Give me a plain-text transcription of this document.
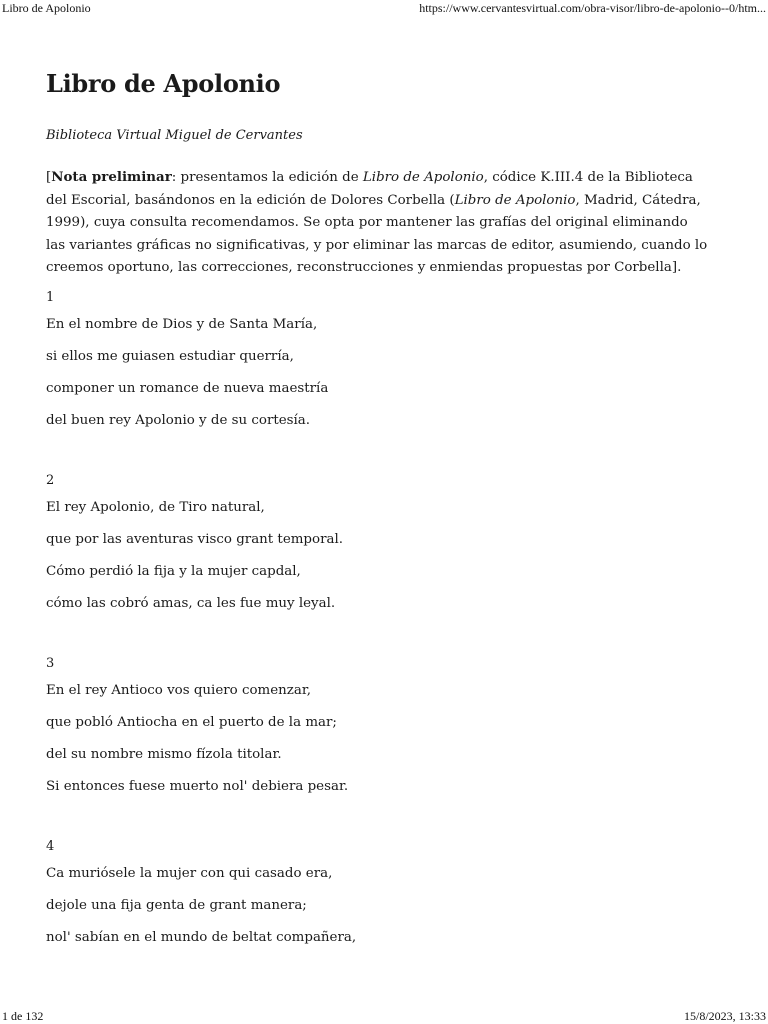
Libro de Apolonio	https://www.cervantesvirtual.com/obra-visor/libro-de-apolonio--0/htm...
Libro de Apolonio
Biblioteca Virtual Miguel de Cervantes
[Nota preliminar: presentamos la edición de Libro de Apolonio, códice K.III.4 de la Biblioteca del Escorial, basándonos en la edición de Dolores Corbella (Libro de Apolonio, Madrid, Cátedra, 1999), cuya consulta recomendamos. Se opta por mantener las grafías del original eliminando las variantes gráficas no significativas, y por eliminar las marcas de editor, asumiendo, cuando lo creemos oportuno, las correcciones, reconstrucciones y enmiendas propuestas por Corbella].
1
En el nombre de Dios y de Santa María,
si ellos me guiasen estudiar querría,
componer un romance de nueva maestría
del buen rey Apolonio y de su cortesía.
2
El rey Apolonio, de Tiro natural,
que por las aventuras visco grant temporal.
Cómo perdió la fija y la mujer capdal,
cómo las cobró amas, ca les fue muy leyal.
3
En el rey Antioco vos quiero comenzar,
que pobló Antiocha en el puerto de la mar;
del su nombre mismo fízola titolar.
Si entonces fuese muerto nol' debiera pesar.
4
Ca muriósele la mujer con qui casado era,
dejole una fija genta de grant manera;
nol' sabían en el mundo de beltat compañera,
1 de 132	15/8/2023, 13:33
